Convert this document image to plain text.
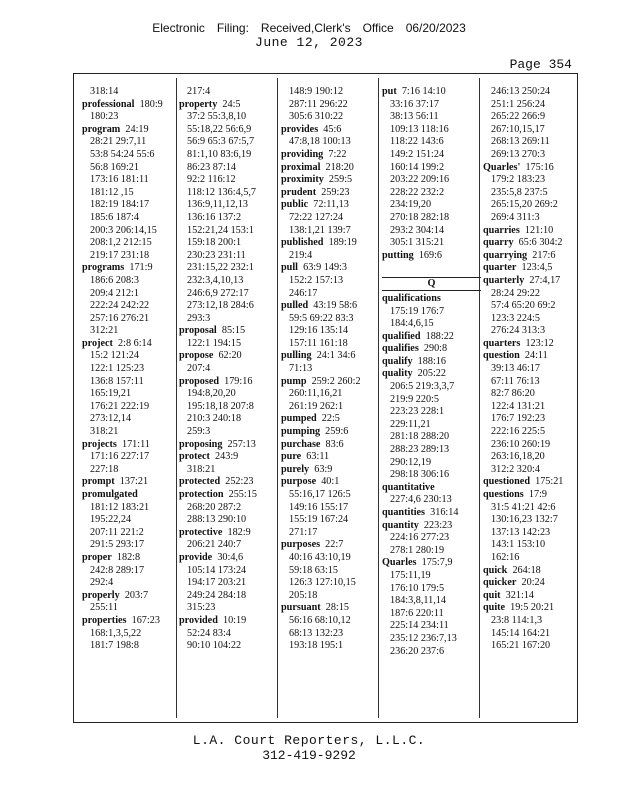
Electronic Filing: Received,Clerk's Office 06/20/2023
June 12, 2023
Page 354
318:14
professional  180:9
180:23
program  24:19
28:21 29:7,11
53:8 54:24 55:6
56:8 169:21
173:16 181:11
181:12 ,15
182:19 184:17
185:6 187:4
200:3 206:14,15
208:1,2 212:15
219:17 231:18
programs  171:9
186:6 208:3
209:4 212:1
222:24 242:22
257:16 276:21
312:21
project  2:8 6:14
15:2 121:24
122:1 125:23
136:8 157:11
165:19,21
176:21 222:19
273:12,14
318:21
projects  171:11
171:16 227:17
227:18
prompt  137:21
promulgated
181:12 183:21
195:22,24
207:11 221:2
291:5 293:17
proper  182:8
242:8 289:17
292:4
properly  203:7
255:11
properties  167:23
168:1,3,5,22
181:7 198:8
217:4
property  24:5
37:2 55:3,8,10
55:18,22 56:6,9
56:9 65:3 67:5,7
81:1,10 83:6,19
86:23 87:14
92:2 116:12
118:12 136:4,5,7
136:9,11,12,13
136:16 137:2
152:21,24 153:1
159:18 200:1
230:23 231:11
231:15,22 232:1
232:3,4,10,13
246:6,9 272:17
273:12,18 284:6
293:3
proposal  85:15
122:1 194:15
propose  62:20
207:4
proposed  179:16
194:8,20,20
195:18,18 207:8
210:3 240:18
259:3
proposing  257:13
protect  243:9
318:21
protected  252:23
protection  255:15
268:20 287:2
288:13 290:10
protective  182:9
206:21 240:7
provide  30:4,6
105:14 173:24
194:17 203:21
249:24 284:18
315:23
provided  10:19
52:24 83:4
90:10 104:22
148:9 190:12
287:11 296:22
305:6 310:22
provides  45:6
47:8,18 100:13
providing  7:22
proximal  218:20
proximity  259:5
prudent  259:23
public  72:11,13
72:22 127:24
138:1,21 139:7
published  189:19
219:4
pull  63:9 149:3
152:2 157:13
246:17
pulled  43:19 58:6
59:5 69:22 83:3
129:16 135:14
157:11 161:18
pulling  24:1 34:6
71:13
pump  259:2 260:2
260:11,16,21
261:19 262:1
pumped  22:5
pumping  259:6
purchase  83:6
pure  63:11
purely  63:9
purpose  40:1
55:16,17 126:5
149:16 155:17
155:19 167:24
271:17
purposes  22:7
40:16 43:10,19
59:18 63:15
126:3 127:10,15
205:18
pursuant  28:15
56:16 68:10,12
68:13 132:23
193:18 195:1
put  7:16 14:10
33:16 37:17
38:13 56:11
109:13 118:16
118:22 143:6
149:2 151:24
160:14 199:2
203:22 209:16
228:22 232:2
234:19,20
270:18 282:18
293:2 304:14
305:1 315:21
putting  169:6

Q
qualifications
175:19 176:7
184:4,6,15
qualified  188:22
qualifies  290:8
qualify  188:16
quality  205:22
206:5 219:3,3,7
219:9 220:5
223:23 228:1
229:11,21
281:18 288:20
288:23 289:13
290:12,19
298:18 306:16
quantitative
227:4,6 230:13
quantities  316:14
quantity  223:23
224:16 277:23
278:1 280:19
Quarles  175:7,9
175:11,19
176:10 179:5
184:3,8,11,14
187:6 220:11
225:14 234:11
235:12 236:7,13
236:20 237:6
246:13 250:24
251:1 256:24
265:22 266:9
267:10,15,17
268:13 269:11
269:13 270:3
Quarles'  175:16
179:2 183:23
235:5,8 237:5
265:15,20 269:2
269:4 311:3
quarries  121:10
quarry  65:6 304:2
quarrying  217:6
quarter  123:4,5
quarterly  27:4,17
28:24 29:22
57:4 65:20 69:2
123:3 224:5
276:24 313:3
quarters  123:12
question  24:11
39:13 46:17
67:11 76:13
82:7 86:20
122:4 131:21
176:7 192:23
222:16 225:5
236:10 260:19
263:16,18,20
312:2 320:4
questioned  175:21
questions  17:9
31:5 41:21 42:6
130:16,23 132:7
137:13 142:23
143:1 153:10
162:16
quick  264:18
quicker  20:24
quit  321:14
quite  19:5 20:21
23:8 114:1,3
145:14 164:21
165:21 167:20
L.A. Court Reporters, L.L.C.
312-419-9292
